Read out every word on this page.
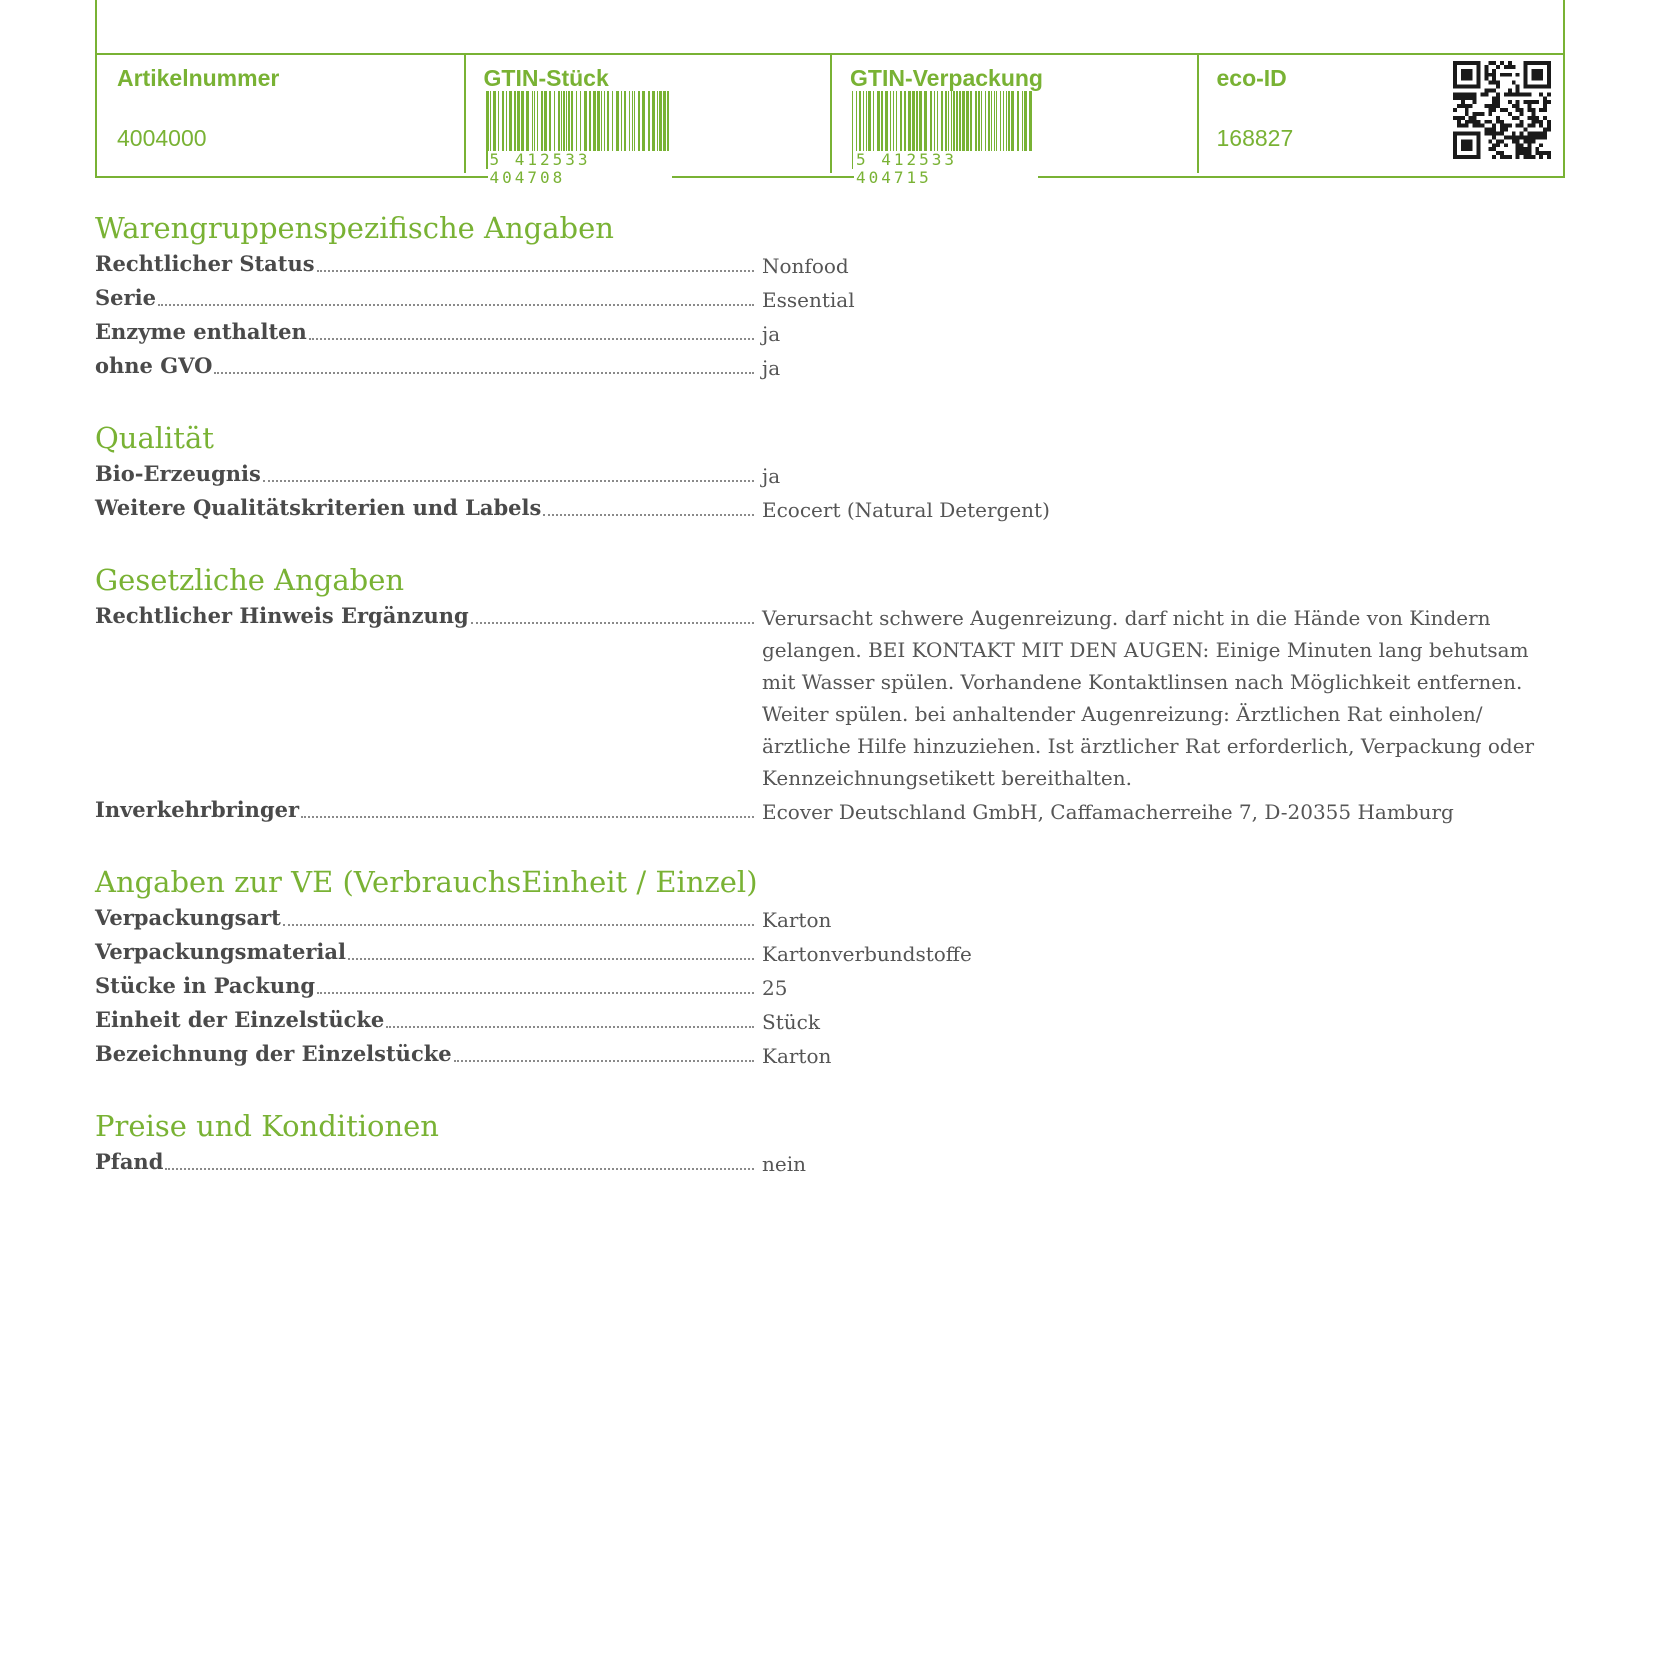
Artikelnummer
4004000
GTIN-Stück
5 412533 404708
GTIN-Verpackung
5 412533 404715
eco-ID
168827
Warengruppenspezifische Angaben
Rechtlicher Status	Nonfood
Serie	Essential
Enzyme enthalten	ja
ohne GVO	ja
Qualität
Bio-Erzeugnis	ja
Weitere Qualitätskriterien und Labels	Ecocert (Natural Detergent)
Gesetzliche Angaben
Rechtlicher Hinweis Ergänzung	Verursacht schwere Augenreizung. darf nicht in die Hände von Kindern gelangen. BEI KONTAKT MIT DEN AUGEN: Einige Minuten lang behutsam mit Wasser spülen. Vorhandene Kontaktlinsen nach Möglichkeit entfernen. Weiter spülen. bei anhaltender Augenreizung: Ärztlichen Rat einholen/ärztliche Hilfe hinzuziehen. Ist ärztlicher Rat erforderlich, Verpackung oder Kennzeichnungsetikett bereithalten.
Inverkehrbringer	Ecover Deutschland GmbH, Caffamacherreihe 7, D-20355 Hamburg
Angaben zur VE (VerbrauchsEinheit / Einzel)
Verpackungsart	Karton
Verpackungsmaterial	Kartonverbundstoffe
Stücke in Packung	25
Einheit der Einzelstücke	Stück
Bezeichnung der Einzelstücke	Karton
Preise und Konditionen
Pfand	nein
